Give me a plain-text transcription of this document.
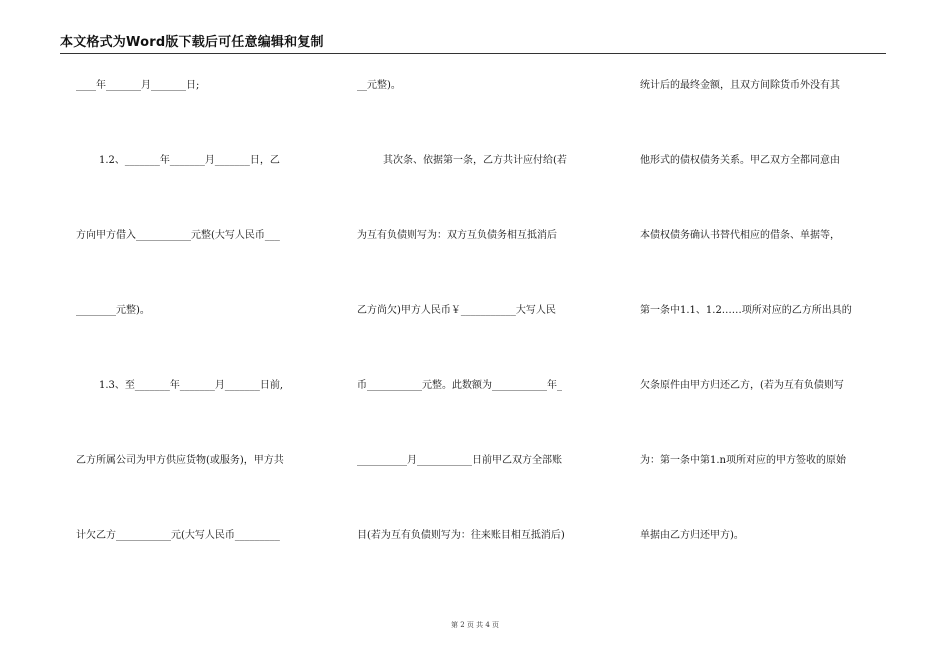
本文格式为Word版下载后可任意编辑和复制
____年_______月_______日;
1.2、_______年_______月_______日，乙
方向甲方借入___________元整(大写人民币___
________元整)。
1.3、至_______年_______月_______日前,
乙方所属公司为甲方供应货物(或服务)，甲方共
计欠乙方___________元(大写人民币_________
__元整)。
其次条、依据第一条，乙方共计应付给(若
为互有负债则写为：双方互负债务相互抵消后
乙方尚欠)甲方人民币￥___________大写人民
币___________元整。此数额为___________年_
__________月___________日前甲乙双方全部账
目(若为互有负债则写为：往来账目相互抵消后)
统计后的最终金额，且双方间除货币外没有其
他形式的债权债务关系。甲乙双方全都同意由
本债权债务确认书替代相应的借条、单据等，
第一条中1.1、1.2……项所对应的乙方所出具的
欠条原件由甲方归还乙方，(若为互有负债则写
为：第一条中第1.n项所对应的甲方签收的原始
单据由乙方归还甲方)。
第 2 页 共 4 页
